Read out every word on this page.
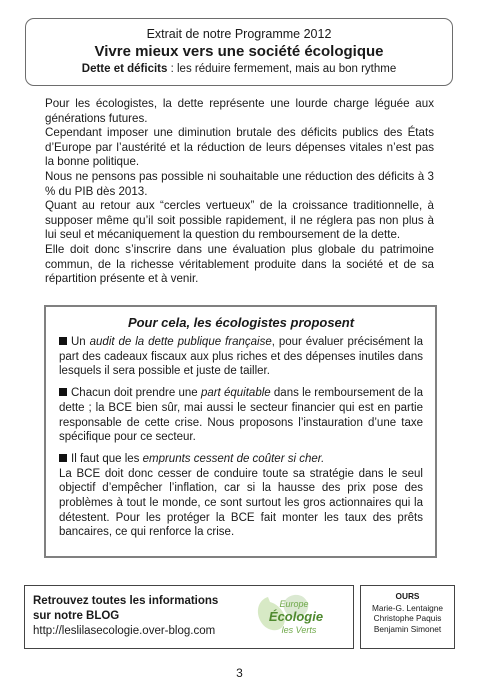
Extrait de notre Programme 2012
Vivre mieux vers une société écologique
Dette et déficits : les réduire fermement, mais au bon rythme

Pour les écologistes, la dette représente une lourde charge léguée aux générations futures.

Cependant imposer une diminution brutale des déficits publics des États d’Europe par l’austérité et la réduction de leurs dépenses vitales n’est pas la bonne politique.

Nous ne pensons pas possible ni souhaitable une réduction des déficits à 3 % du PIB dès 2013.

Quant au retour aux “cercles vertueux” de la croissance traditionnelle, à supposer même qu’il soit possible rapidement, il ne réglera pas non plus à lui seul et mécaniquement la question du remboursement de la dette.

Elle doit donc s’inscrire dans une évaluation plus globale du patrimoine commun, de la richesse véritablement produite dans la société et de sa répartition présente et à venir.

Pour cela, les écologistes proposent
Un audit de la dette publique française, pour évaluer précisément la part des cadeaux fiscaux aux plus riches et des dépenses inutiles dans lesquels il sera possible et juste de tailler.
Chacun doit prendre une part équitable dans le remboursement de la dette ; la BCE bien sûr, mai aussi le secteur financier qui est en partie responsable de cette crise. Nous proposons l’instauration d’une taxe spécifique pour ce secteur.
Il faut que les emprunts cessent de coûter si cher.
La BCE doit donc cesser de conduire toute sa stratégie dans le seul objectif d’empêcher l’inflation, car si la hausse des prix pose des problèmes à tout le monde, ce sont surtout les gros actionnaires qui la détestent. Pour les protéger la BCE fait monter les taux des prêts bancaires, ce qui renforce la crise.
Retrouvez toutes les informations
sur notre BLOG
http://leslilasecologie.over-blog.com
Europe
Écologie
les Verts
OURS
Marie-G. Lentaigne
Christophe Paquis
Benjamin Simonet
3
